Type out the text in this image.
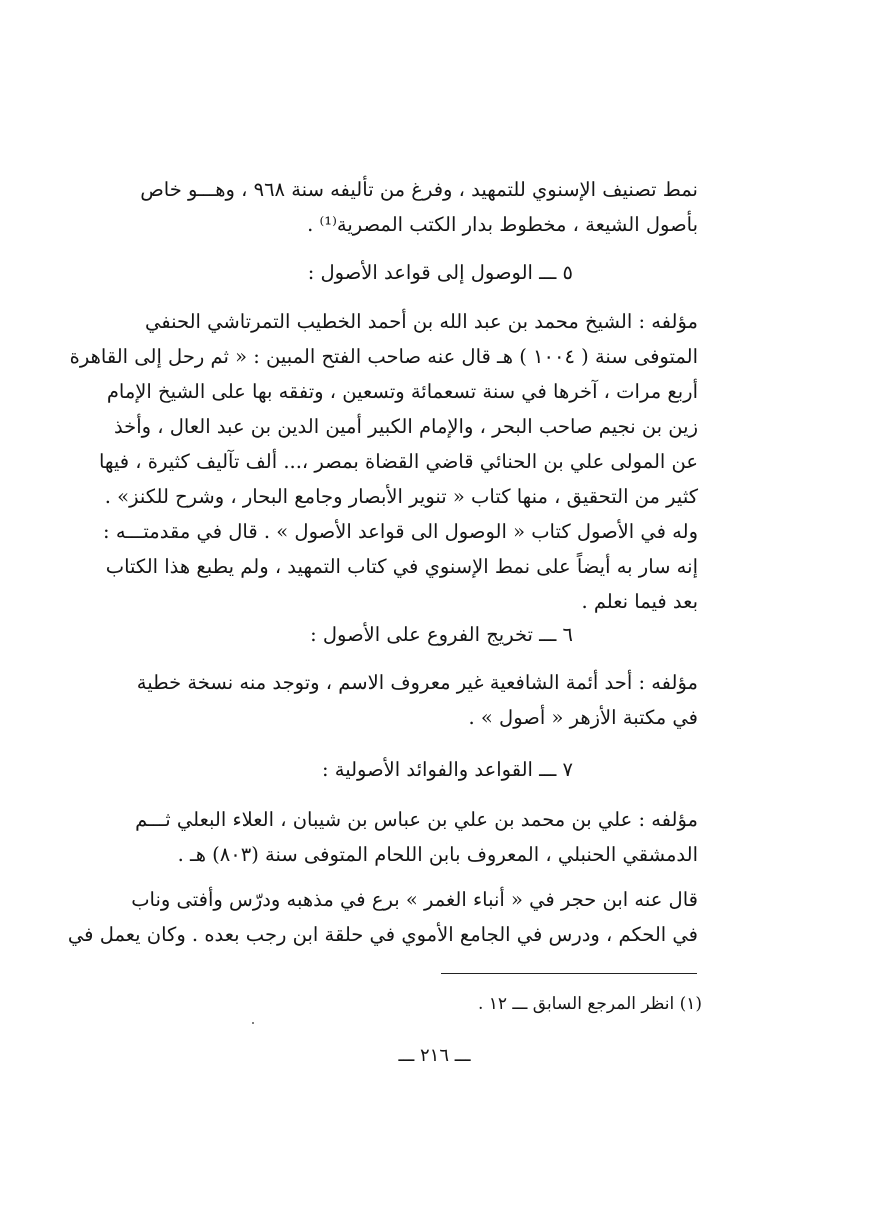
نمط تصنيف الإسنوي للتمهيد ، وفرغ من تأليفه سنة ٩٦٨ ، وهـــو خاص
بأصول الشيعة ، مخطوط بدار الكتب المصرية⁽¹⁾ .
٥ ـــ الوصول إلى قواعد الأصول :
مؤلفه : الشيخ محمد بن عبد الله بن أحمد الخطيب التمرتاشي الحنفي
المتوفى سنة ( ١٠٠٤ ) هـ قال عنه صاحب الفتح المبين : « ثم رحل إلى القاهرة
أربع مرات ، آخرها في سنة تسعمائة وتسعين ، وتفقه بها على الشيخ الإمام
زين بن نجيم صاحب البحر ، والإمام الكبير أمين الدين بن عبد العال ، وأخذ
عن المولى علي بن الحنائي قاضي القضاة بمصر ،... ألف تآليف كثيرة ، فيها
كثير من التحقيق ، منها كتاب « تنوير الأبصار وجامع البحار ، وشرح للكنز» .
وله في الأصول كتاب « الوصول الى قواعد الأصول » . قال في مقدمتـــه :
إنه سار به أيضاً على نمط الإسنوي في كتاب التمهيد ، ولم يطبع هذا الكتاب
بعد فيما نعلم .
٦ ـــ تخريج الفروع على الأصول :
مؤلفه : أحد أئمة الشافعية غير معروف الاسم ، وتوجد منه نسخة خطية
في مكتبة الأزهر « أصول » .
٧ ـــ القواعد والفوائد الأصولية :
مؤلفه : علي بن محمد بن علي بن عباس بن شيبان ، العلاء البعلي ثـــم
الدمشقي الحنبلي ، المعروف بابن اللحام المتوفى سنة (٨٠٣) هـ .
قال عنه ابن حجر في « أنباء الغمر » برع في مذهبه ودرّس وأفتى وناب
في الحكم ، ودرس في الجامع الأموي في حلقة ابن رجب بعده . وكان يعمل في
(١) انظر المرجع السابق ـــ ١٢ .
ـــ ٢١٦ ـــ
